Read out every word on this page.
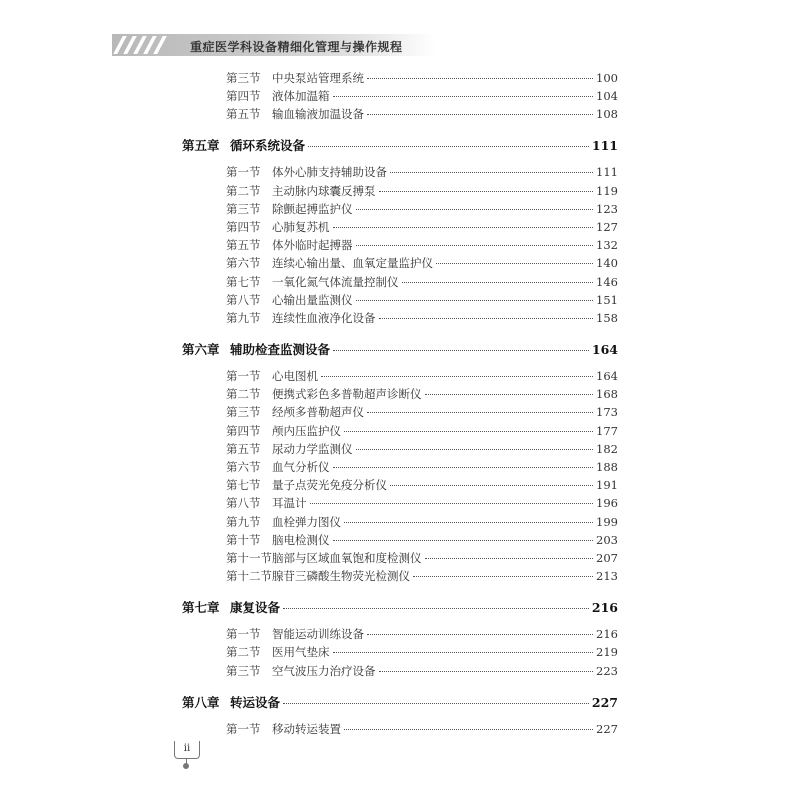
重症医学科设备精细化管理与操作规程
第三节	中央泵站管理系统	100
第四节	液体加温箱	104
第五节	输血输液加温设备	108
第五章 循环系统设备	111
第一节	体外心肺支持辅助设备	111
第二节	主动脉内球囊反搏泵	119
第三节	除颤起搏监护仪	123
第四节	心肺复苏机	127
第五节	体外临时起搏器	132
第六节	连续心输出量、血氧定量监护仪	140
第七节	一氧化氮气体流量控制仪	146
第八节	心输出量监测仪	151
第九节	连续性血液净化设备	158
第六章 辅助检查监测设备	164
第一节	心电图机	164
第二节	便携式彩色多普勒超声诊断仪	168
第三节	经颅多普勒超声仪	173
第四节	颅内压监护仪	177
第五节	尿动力学监测仪	182
第六节	血气分析仪	188
第七节	量子点荧光免疫分析仪	191
第八节	耳温计	196
第九节	血栓弹力图仪	199
第十节	脑电检测仪	203
第十一节 脑部与区域血氧饱和度检测仪	207
第十二节 腺苷三磷酸生物荧光检测仪	213
第七章 康复设备	216
第一节	智能运动训练设备	216
第二节	医用气垫床	219
第三节	空气波压力治疗设备	223
第八章 转运设备	227
第一节	移动转运装置	227
ii
